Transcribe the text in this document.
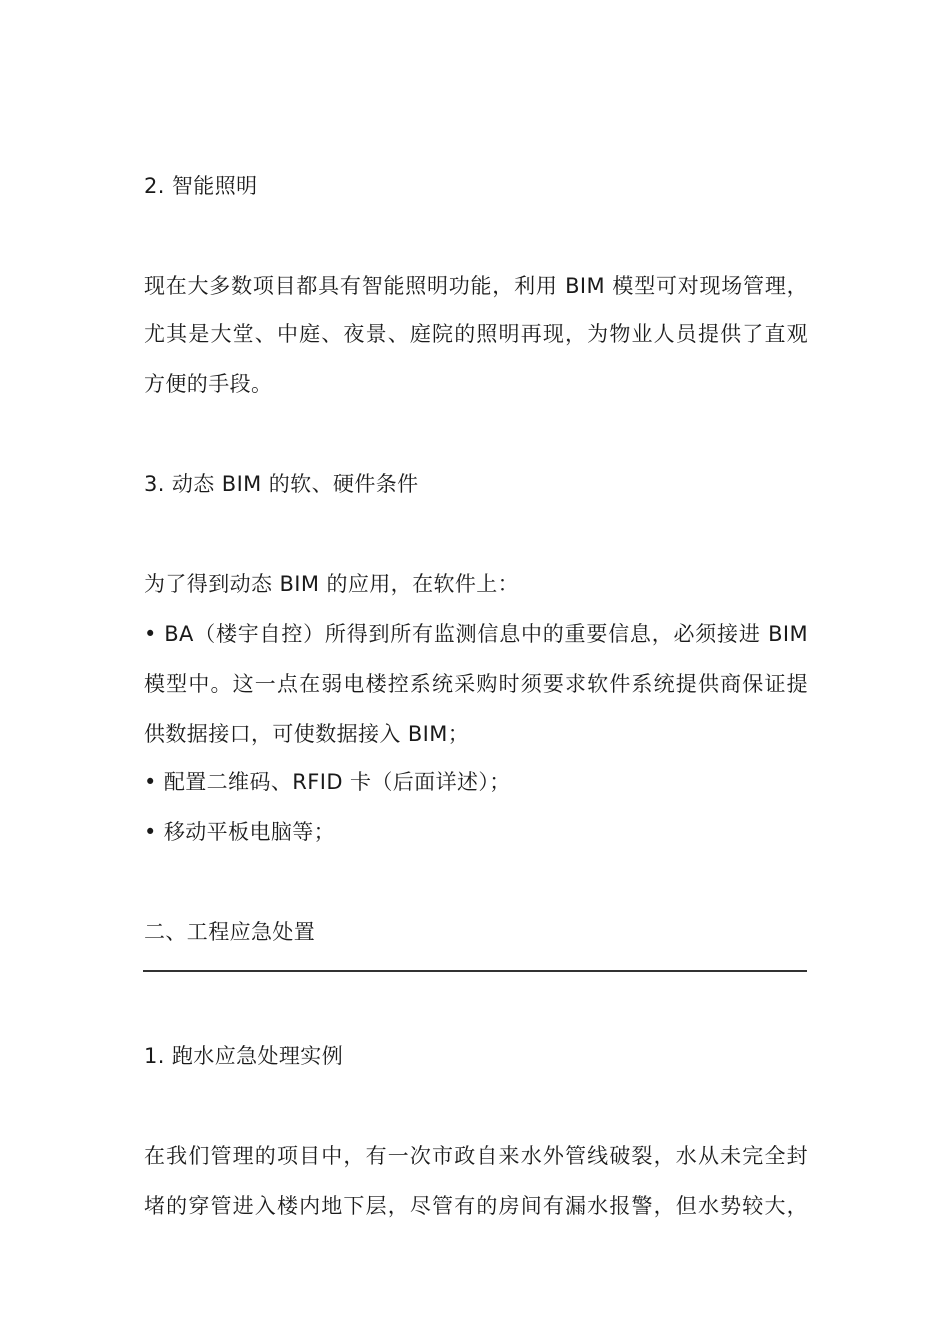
2. 智能照明
现在大多数项目都具有智能照明功能，利用 BIM 模型可对现场管理，
尤其是大堂、中庭、夜景、庭院的照明再现，为物业人员提供了直观
方便的手段。
3. 动态 BIM 的软、硬件条件
为了得到动态 BIM 的应用，在软件上：
• BA（楼宇自控）所得到所有监测信息中的重要信息，必须接进 BIM
模型中。这一点在弱电楼控系统采购时须要求软件系统提供商保证提
供数据接口，可使数据接入 BIM；
• 配置二维码、RFID 卡（后面详述）；
• 移动平板电脑等；
二、工程应急处置
1. 跑水应急处理实例
在我们管理的项目中，有一次市政自来水外管线破裂，水从未完全封
堵的穿管进入楼内地下层，尽管有的房间有漏水报警，但水势较大，
